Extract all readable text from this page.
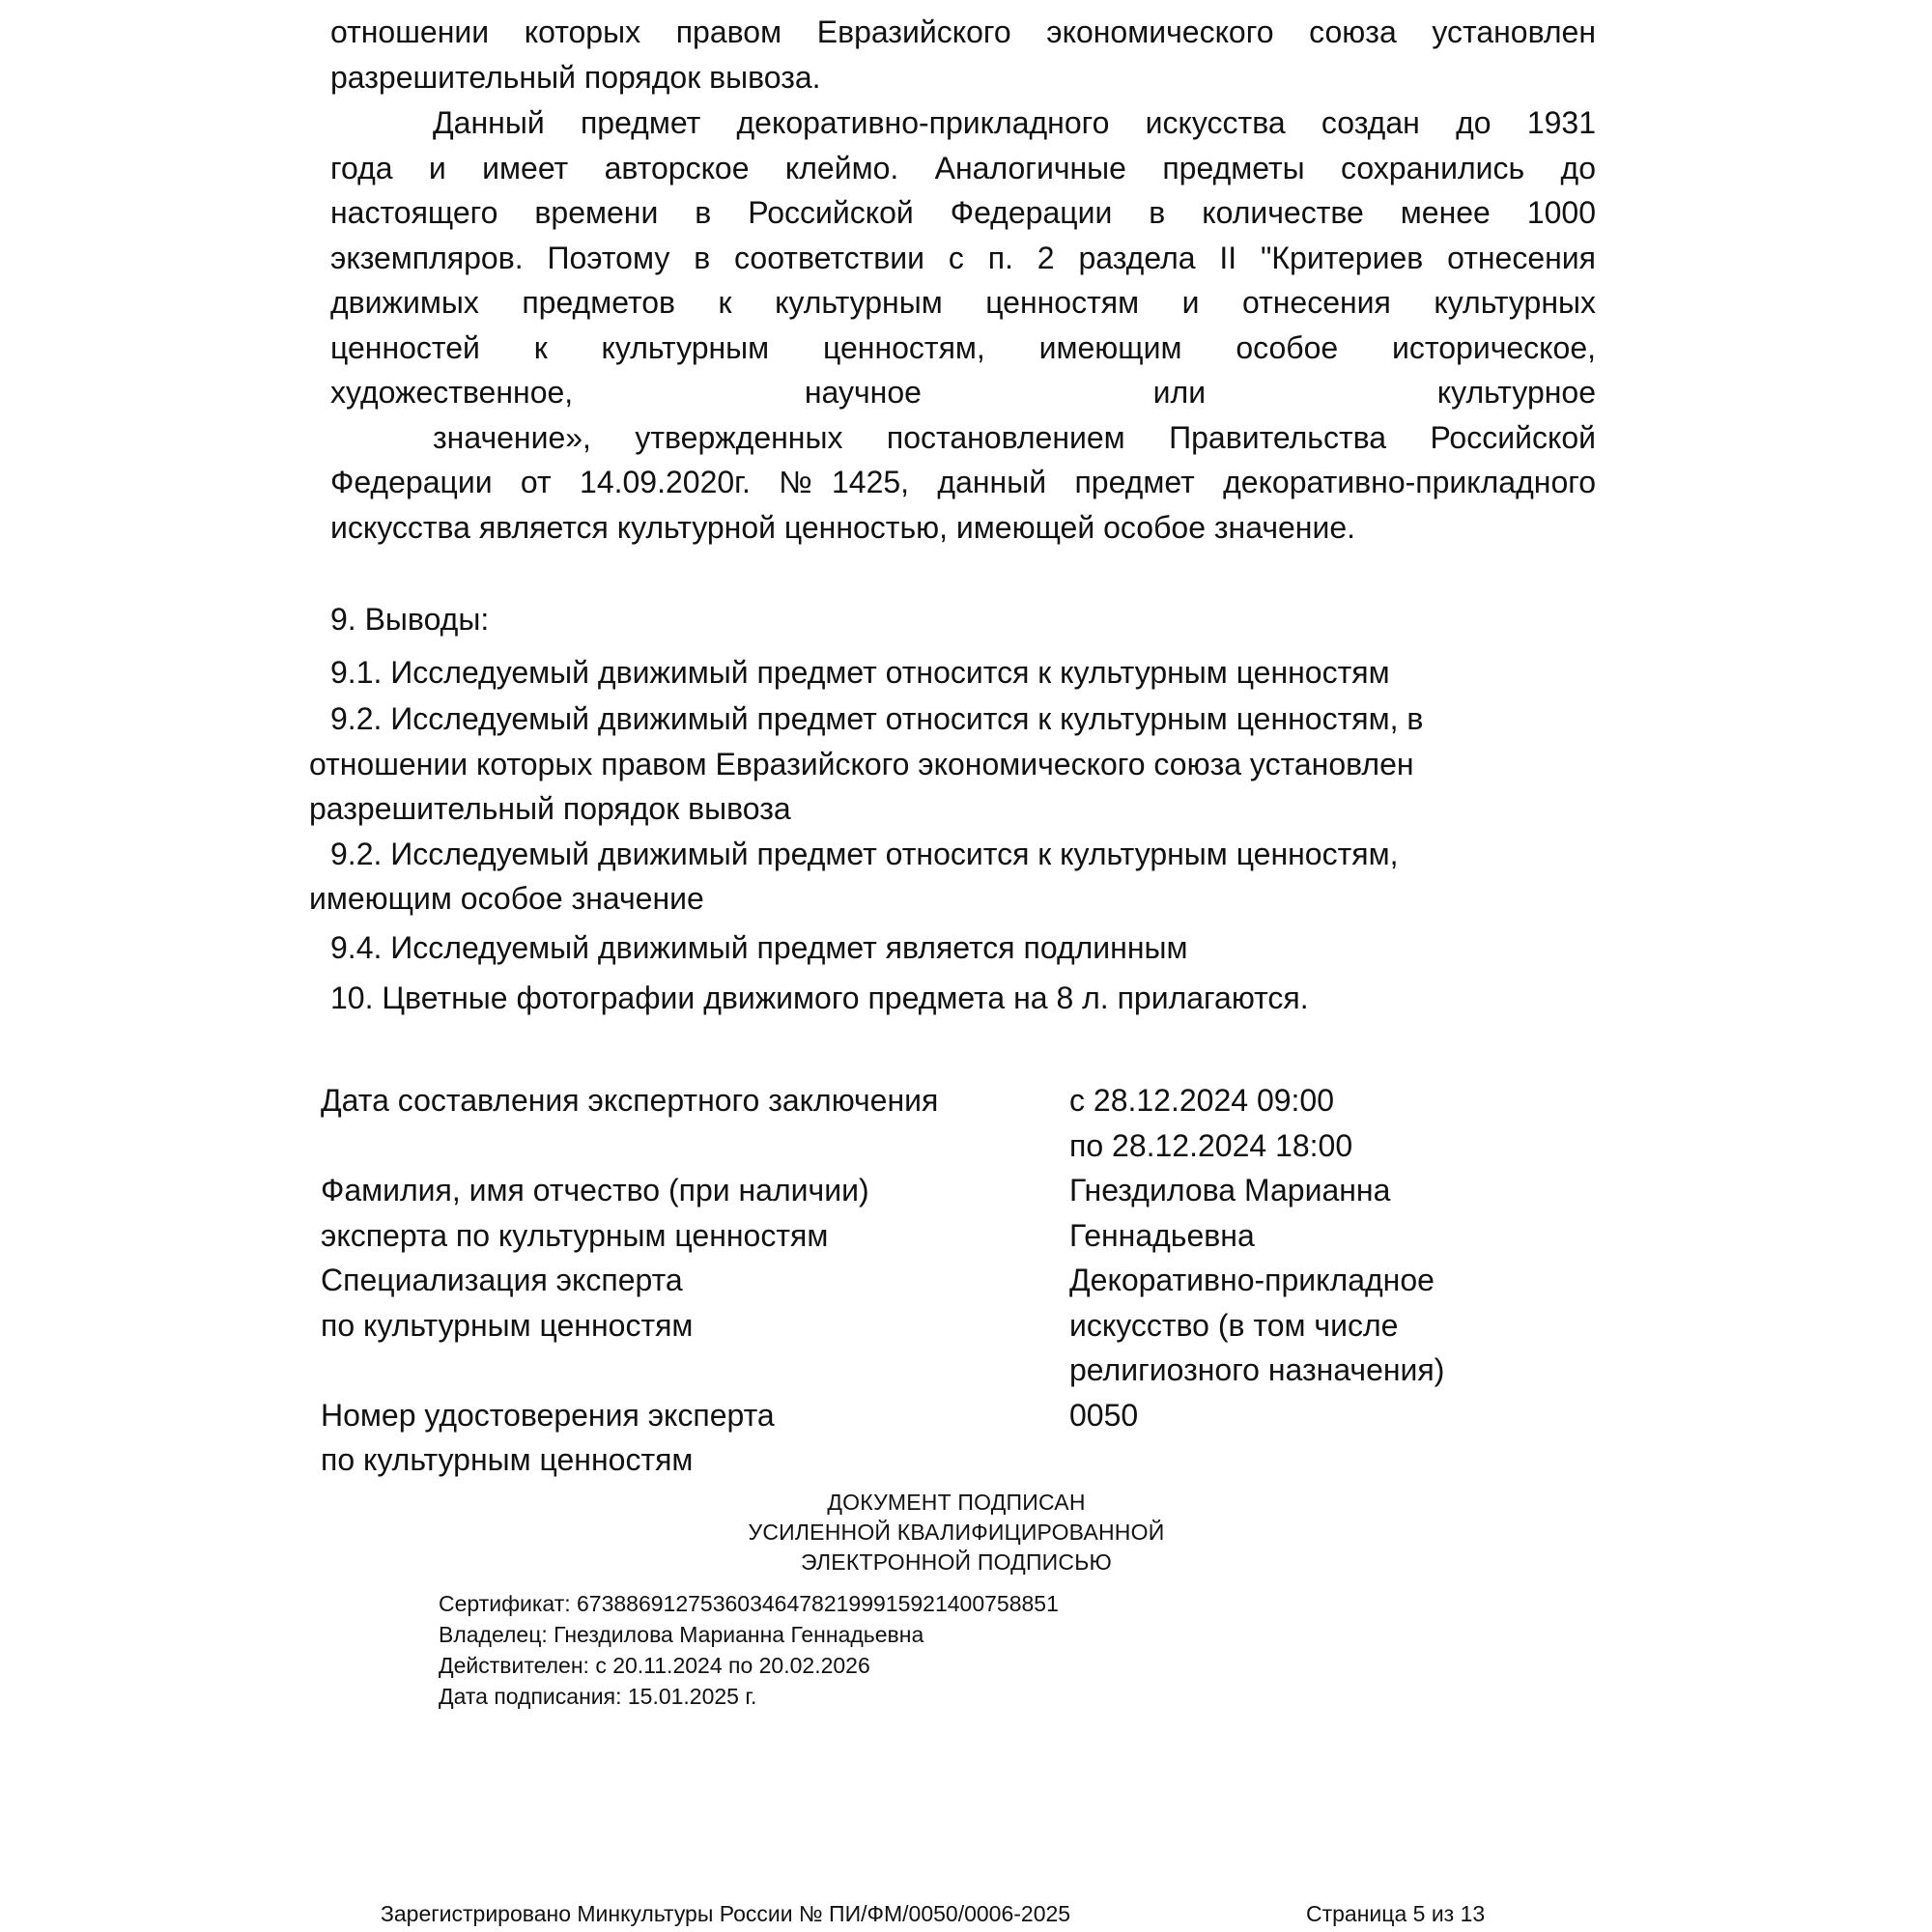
отношении которых правом Евразийского экономического союза установлен
разрешительный порядок вывоза.
Данный предмет декоративно-прикладного искусства создан до 1931
года и имеет авторское клеймо. Аналогичные предметы сохранились до
настоящего времени в Российской Федерации в количестве менее 1000
экземпляров. Поэтому в соответствии с п. 2 раздела II "Критериев отнесения
движимых предметов к культурным ценностям и отнесения культурных
ценностей к культурным ценностям, имеющим особое историческое,
художественное, научное или культурное
значение», утвержденных постановлением Правительства Российской
Федерации от 14.09.2020г. №1425, данный предмет декоративно-прикладного
искусства является культурной ценностью, имеющей особое значение.
9. Выводы:
9.1. Исследуемый движимый предмет относится к культурным ценностям
9.2. Исследуемый движимый предмет относится к культурным ценностям, в
отношении которых правом Евразийского экономического союза установлен
разрешительный порядок вывоза
9.2. Исследуемый движимый предмет относится к культурным ценностям,
имеющим особое значение
9.4. Исследуемый движимый предмет является подлинным
10. Цветные фотографии движимого предмета на 8 л. прилагаются.
Дата составления экспертного заключения	с 28.12.2024 09:00
по 28.12.2024 18:00
Фамилия, имя отчество (при наличии)	Гнездилова Марианна
эксперта по культурным ценностям	Геннадьевна
Специализация эксперта	Декоративно-прикладное
по культурным ценностям	искусство (в том числе
религиозного назначения)
Номер удостоверения эксперта	0050
по культурным ценностям
ДОКУМЕНТ ПОДПИСАН
УСИЛЕННОЙ КВАЛИФИЦИРОВАННОЙ
ЭЛЕКТРОННОЙ ПОДПИСЬЮ
Сертификат: 673886912753603464782199915921400758851
Владелец: Гнездилова Марианна Геннадьевна
Действителен: с 20.11.2024 по 20.02.2026
Дата подписания: 15.01.2025 г.
Зарегистрировано Минкультуры России № ПИ/ФМ/0050/0006-2025	Страница 5 из 13
